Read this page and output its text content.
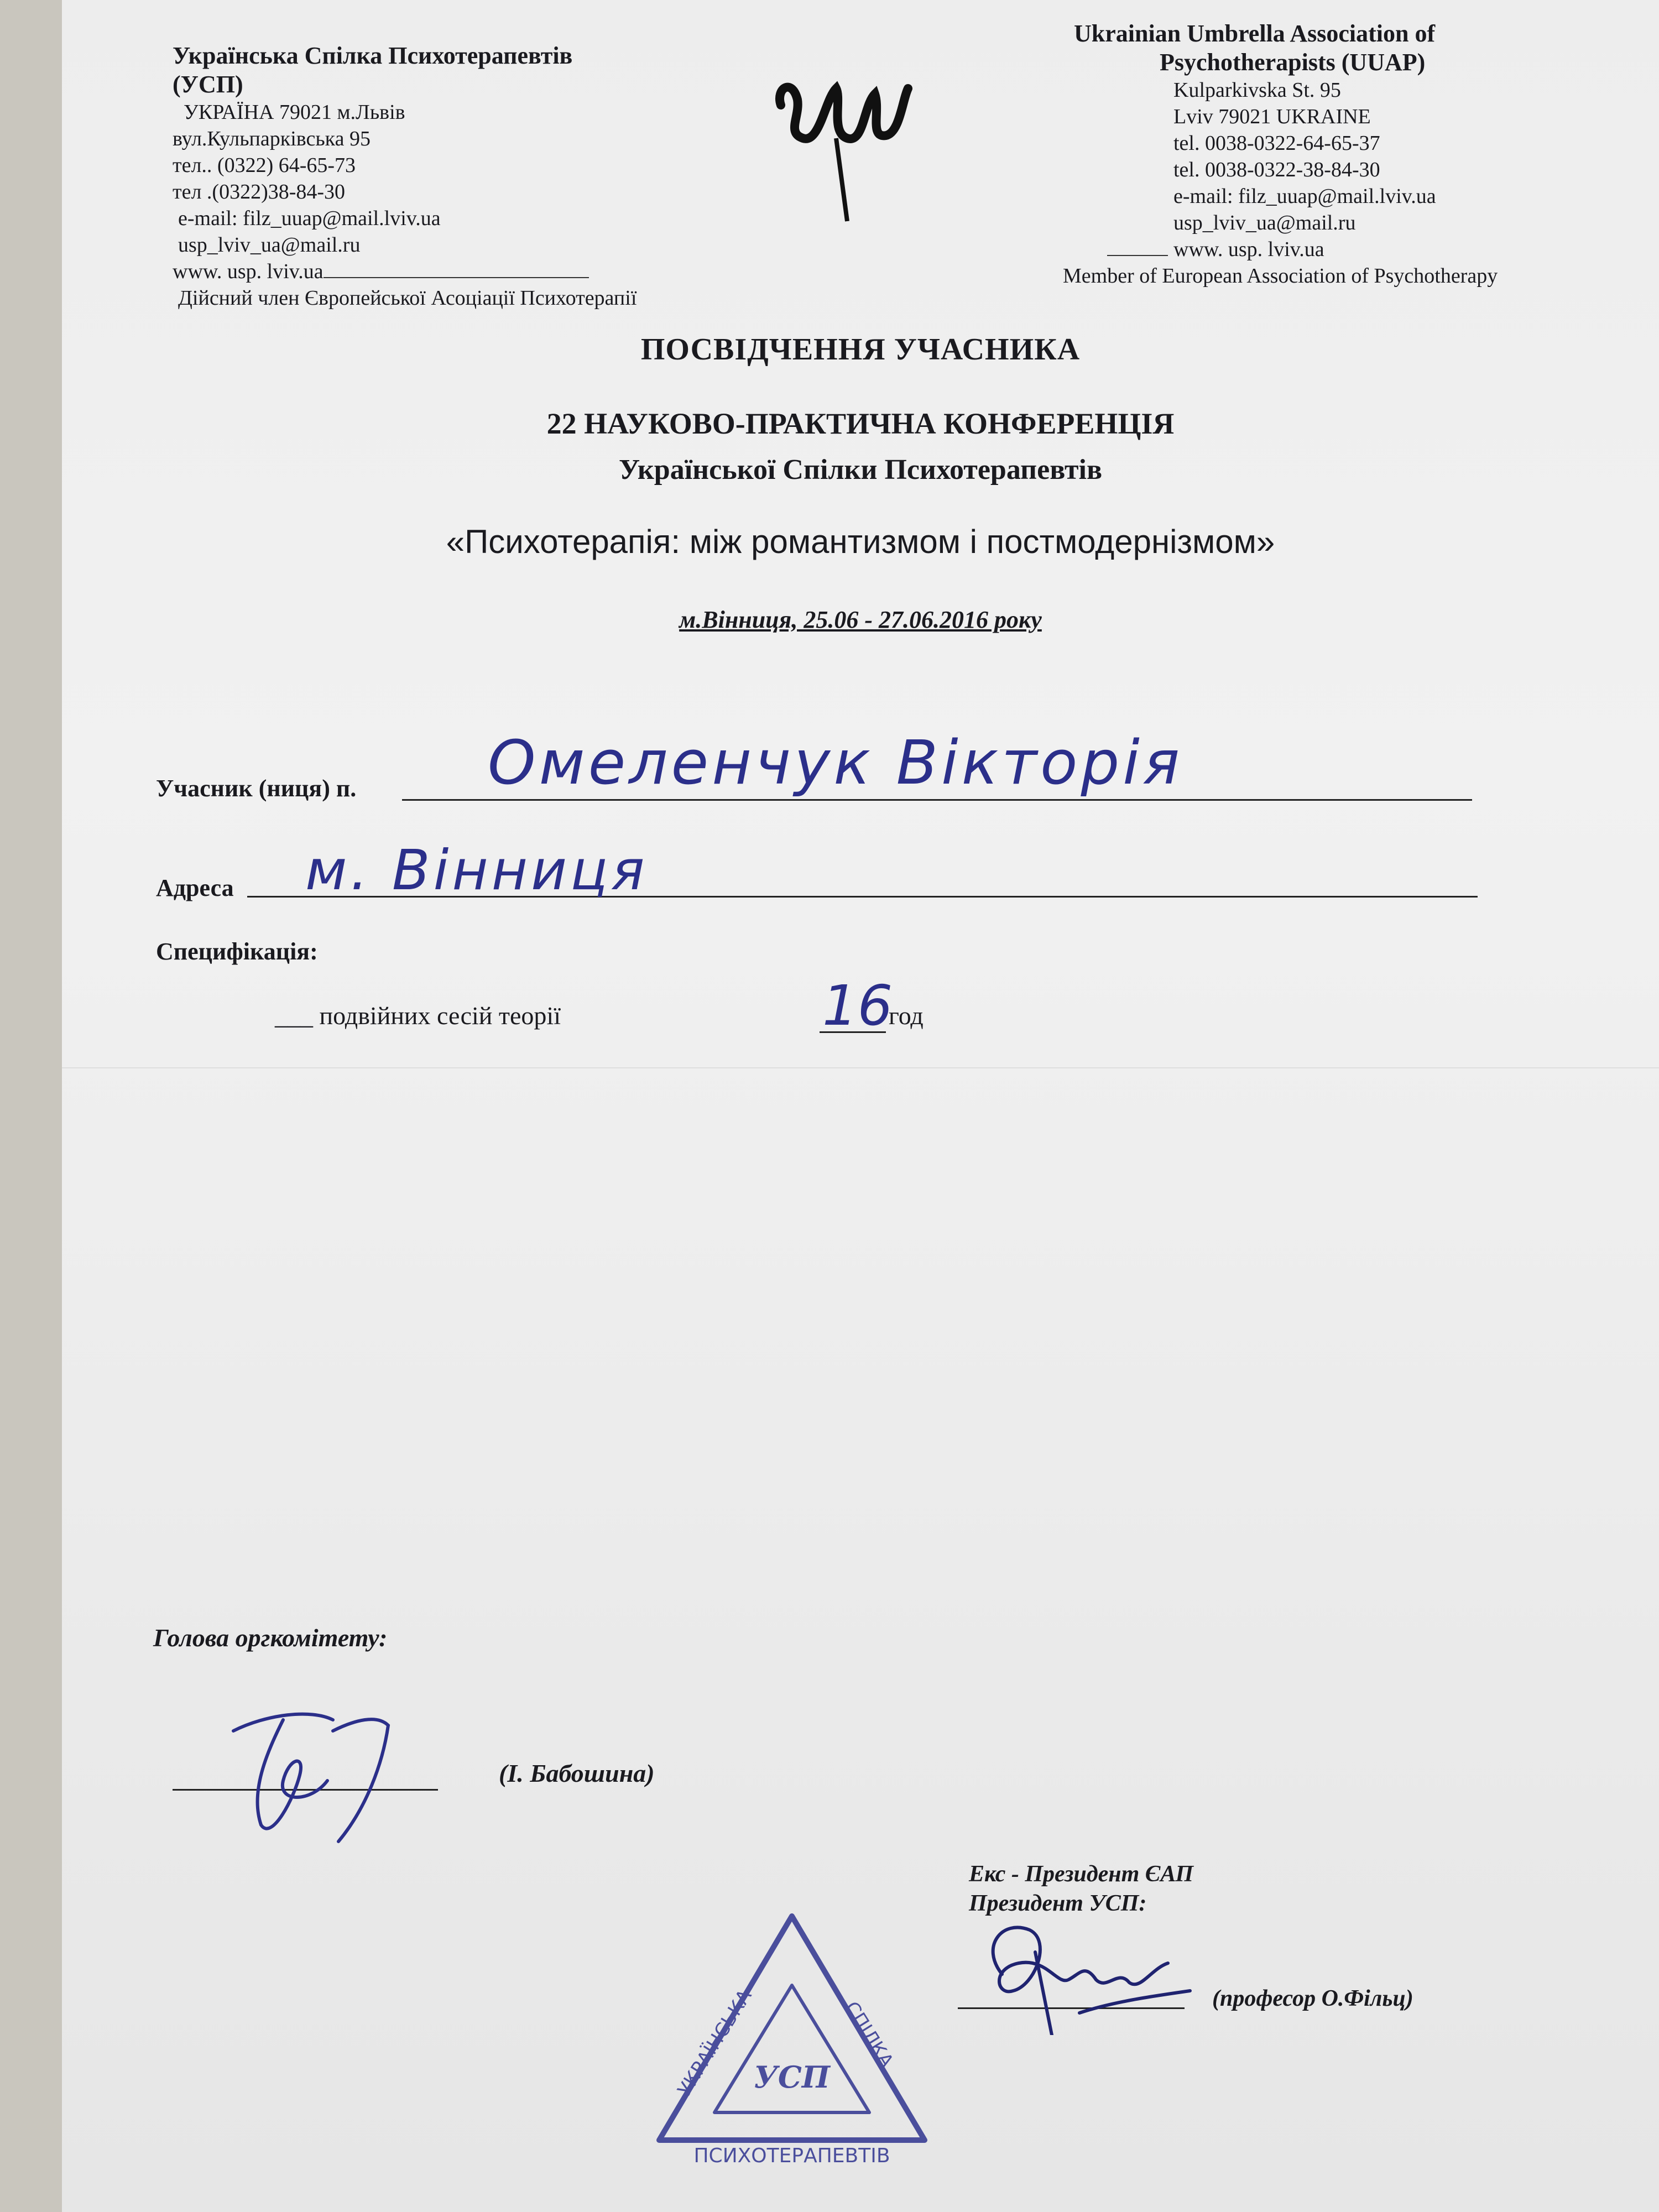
Українська Спілка Психотерапевтів
(УСП)
УКРАЇНА 79021 м.Львів
вул.Кульпарківська 95
тел.. (0322) 64-65-73
тел .(0322)38-84-30
e-mail: filz_uuap@mail.lviv.ua
usp_lviv_ua@mail.ru
www. usp. lviv.ua
Дійсний член Європейської Асоціації Психотерапії
Ukrainian Umbrella Association of
Psychotherapists (UUAP)
Kulparkivska St. 95
Lviv 79021 UKRAINE
tel. 0038-0322-64-65-37
tel. 0038-0322-38-84-30
e-mail: filz_uuap@mail.lviv.ua
usp_lviv_ua@mail.ru
www. usp. lviv.ua
Member of European Association of Psychotherapy
ПОСВІДЧЕННЯ УЧАСНИКА
22 НАУКОВО-ПРАКТИЧНА КОНФЕРЕНЦІЯ
Української Спілки Психотерапевтів
«Психотерапія: між романтизмом і постмодернізмом»
м.Вінниця, 25.06 - 27.06.2016 року
Учасник (ниця) п. Омеленчук Вікторія
Адреса м. Вінниця
Специфікація:
___ подвійних сесій теорії	16
год
Голова оргкомітету:
(І. Бабошина)
Екс - Президент ЄАП
Президент УСП:
(професор О.Фільц)
УКРАЇНСЬКА	СПІЛКА
ПСИХОТЕРАПЕВТІВ
УСП
